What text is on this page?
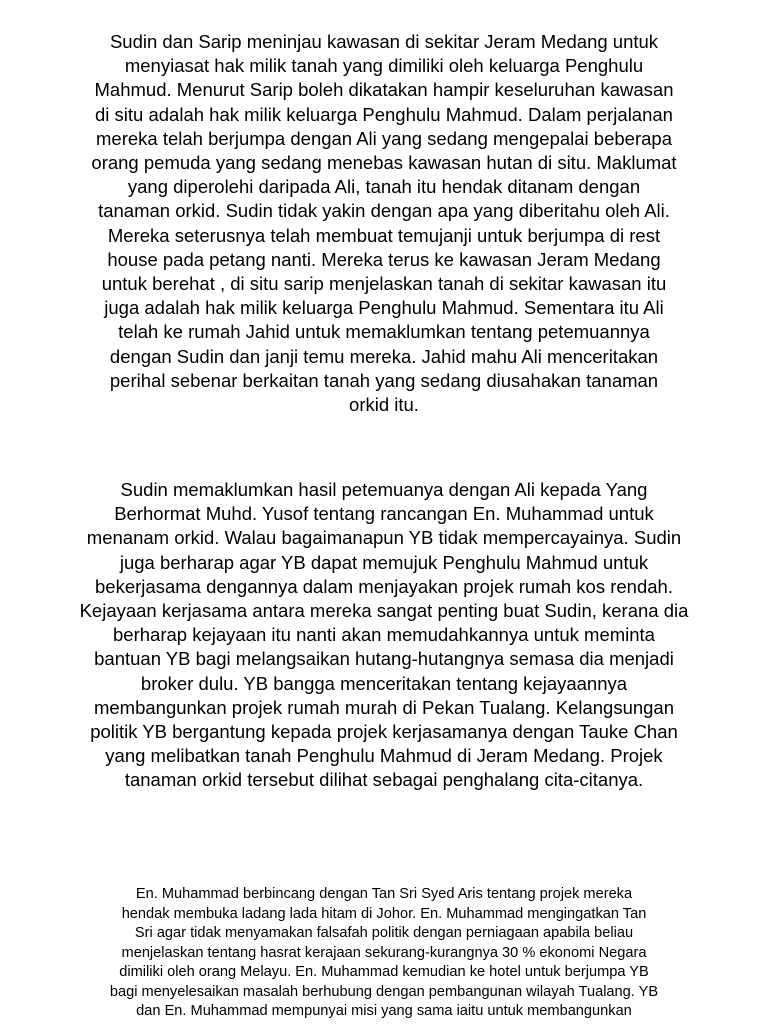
Sudin dan Sarip meninjau kawasan di sekitar Jeram Medang untuk
menyiasat hak milik tanah yang dimiliki oleh keluarga Penghulu
Mahmud. Menurut Sarip boleh dikatakan hampir keseluruhan kawasan
di situ adalah hak milik keluarga Penghulu Mahmud. Dalam perjalanan
mereka telah berjumpa dengan Ali yang sedang mengepalai beberapa
orang pemuda yang sedang menebas kawasan hutan di situ. Maklumat
yang diperolehi daripada Ali, tanah itu hendak ditanam dengan
tanaman orkid. Sudin tidak yakin dengan apa yang diberitahu oleh Ali.
Mereka seterusnya telah membuat temujanji untuk berjumpa di rest
house pada petang nanti. Mereka terus ke kawasan Jeram Medang
untuk berehat , di situ sarip menjelaskan tanah di sekitar kawasan itu
juga adalah hak milik keluarga Penghulu Mahmud. Sementara itu Ali
telah ke rumah Jahid untuk memaklumkan tentang petemuannya
dengan Sudin dan janji temu mereka. Jahid mahu Ali menceritakan
perihal sebenar berkaitan tanah yang sedang diusahakan tanaman
orkid itu.

Sudin memaklumkan hasil petemuanya dengan Ali kepada Yang
Berhormat Muhd. Yusof tentang rancangan En. Muhammad untuk
menanam orkid. Walau bagaimanapun YB tidak mempercayainya. Sudin
juga berharap agar YB dapat memujuk Penghulu Mahmud untuk
bekerjasama dengannya dalam menjayakan projek rumah kos rendah.
Kejayaan kerjasama antara mereka sangat penting buat Sudin, kerana dia
berharap kejayaan itu nanti akan memudahkannya untuk meminta
bantuan YB bagi melangsaikan hutang-hutangnya semasa dia menjadi
broker dulu. YB bangga menceritakan tentang kejayaannya
membangunkan projek rumah murah di Pekan Tualang. Kelangsungan
politik YB bergantung kepada projek kerjasamanya dengan Tauke Chan
yang melibatkan tanah Penghulu Mahmud di Jeram Medang. Projek
tanaman orkid tersebut dilihat sebagai penghalang cita-citanya.

En. Muhammad berbincang dengan Tan Sri Syed Aris tentang projek mereka
hendak membuka ladang lada hitam di Johor. En. Muhammad mengingatkan Tan
Sri agar tidak menyamakan falsafah politik dengan perniagaan apabila beliau
menjelaskan tentang hasrat kerajaan sekurang-kurangnya 30 % ekonomi Negara
dimiliki oleh orang Melayu. En. Muhammad kemudian ke hotel untuk berjumpa YB
bagi menyelesaikan masalah berhubung dengan pembangunan wilayah Tualang. YB
dan En. Muhammad mempunyai misi yang sama iaitu untuk membangunkan
